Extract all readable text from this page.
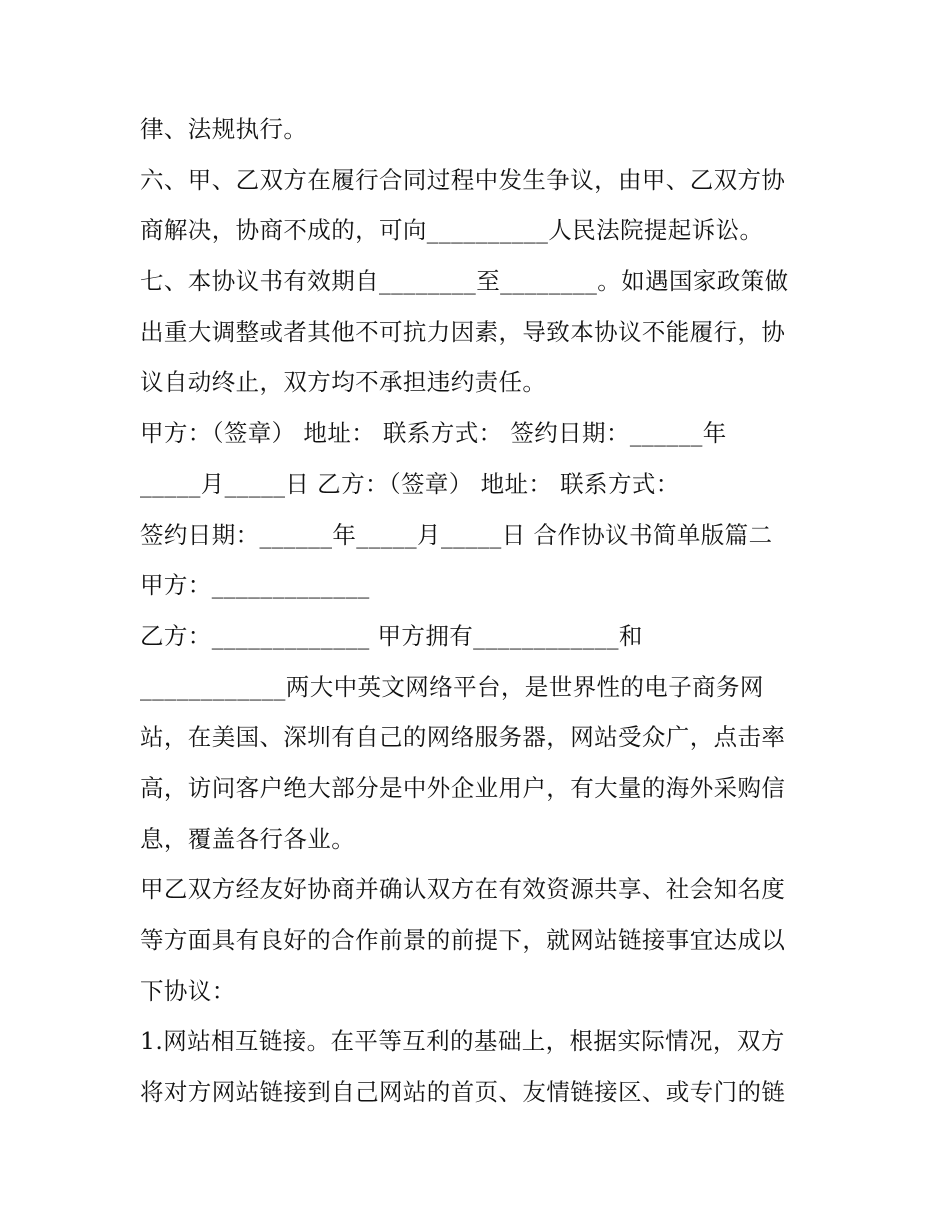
律、法规执行。
六、甲、乙双方在履行合同过程中发生争议，由甲、乙双方协
商解决，协商不成的，可向__________人民法院提起诉讼。
七、本协议书有效期自________至________。如遇国家政策做
出重大调整或者其他不可抗力因素，导致本协议不能履行，协
议自动终止，双方均不承担违约责任。
甲方：（签章） 地址： 联系方式： 签约日期：______年
_____月_____日 乙方：（签章） 地址： 联系方式：
签约日期：______年_____月_____日 合作协议书简单版篇二
甲方：_____________
乙方：_____________ 甲方拥有____________和
____________两大中英文网络平台，是世界性的电子商务网
站，在美国、深圳有自己的网络服务器，网站受众广，点击率
高，访问客户绝大部分是中外企业用户，有大量的海外采购信
息，覆盖各行各业。
甲乙双方经友好协商并确认双方在有效资源共享、社会知名度
等方面具有良好的合作前景的前提下，就网站链接事宜达成以
下协议：
1.网站相互链接。在平等互利的基础上，根据实际情况，双方
将对方网站链接到自己网站的首页、友情链接区、或专门的链
